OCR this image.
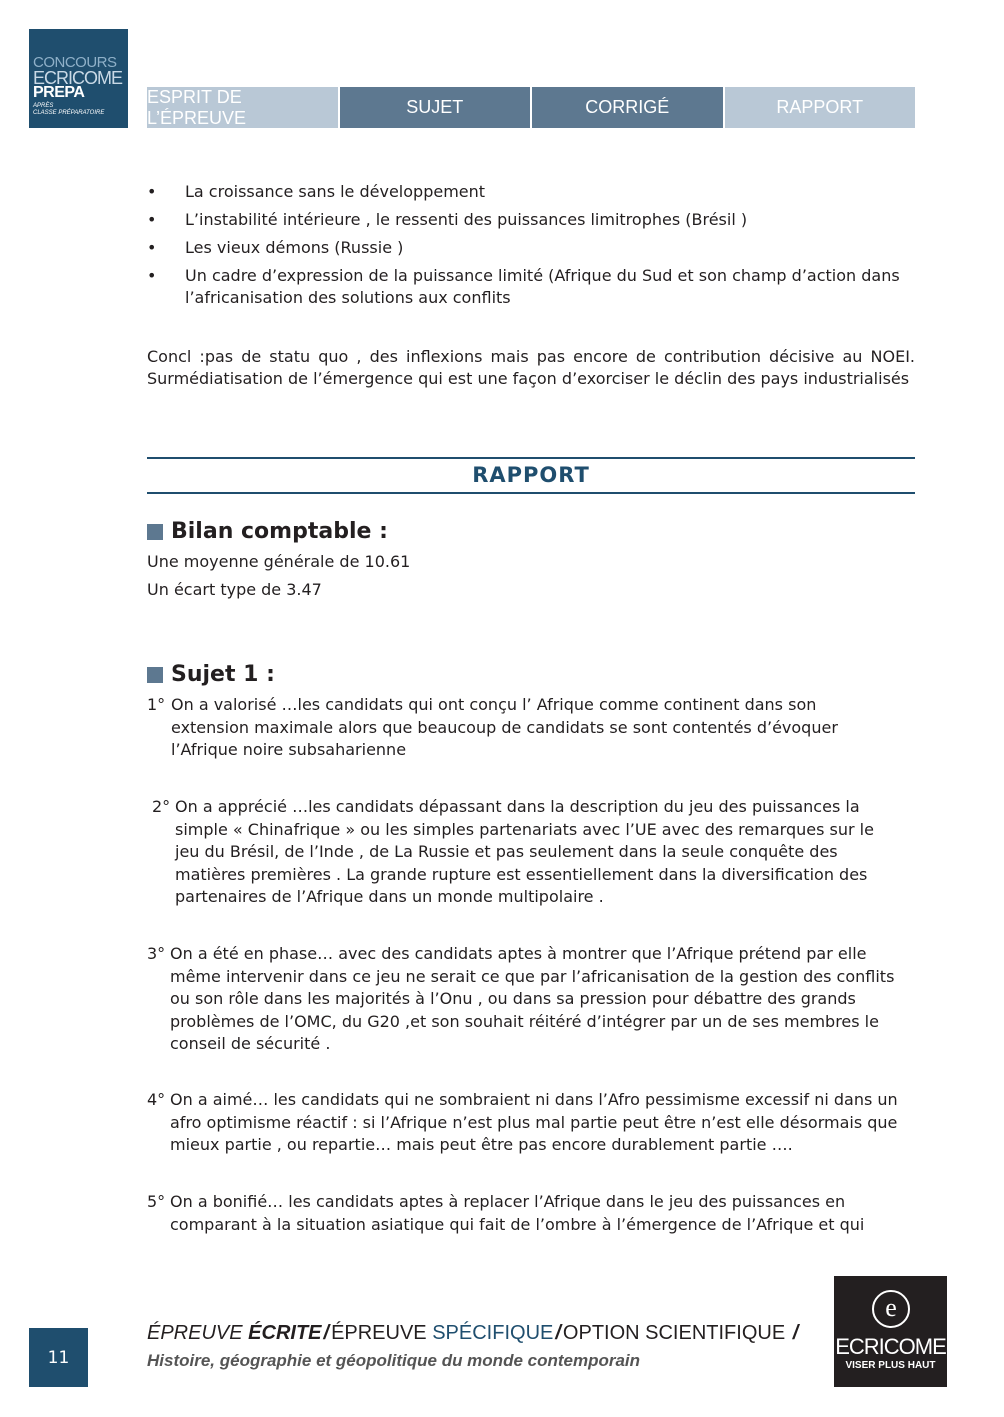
CONCOURS
ECRICOME
PREPA
APRÈS
CLASSE PRÉPARATOIRE
ESPRIT DE L’ÉPREUVE
SUJET	CORRIGÉ	RAPPORT
• La croissance sans le développement
• L’instabilité intérieure , le ressenti des puissances limitrophes (Brésil )
• Les vieux démons (Russie )
• Un cadre d’expression de la puissance limité (Afrique du Sud et son champ d’action dans l’africanisation des solutions aux conflits
Concl :pas de statu quo , des inflexions mais pas encore de contribution décisive au NOEI. Surmédiatisation de l’émergence qui est une façon d’exorciser le déclin des pays industrialisés
RAPPORT
Bilan comptable :
Une moyenne générale de 10.61
Un écart type de 3.47
Sujet 1 :
1° On a valorisé …les candidats qui ont conçu l’ Afrique comme continent dans son extension maximale alors que beaucoup de candidats se sont contentés d’évoquer l’Afrique noire subsaharienne
2° On a apprécié …les candidats dépassant dans la description du jeu des puissances la simple « Chinafrique » ou les simples partenariats avec l’UE avec des remarques sur le jeu du Brésil, de l’Inde , de La Russie et pas seulement dans la seule conquête des matières premières . La grande rupture est essentiellement dans la diversification des partenaires de l’Afrique dans un monde multipolaire .
3° On a été en phase… avec des candidats aptes à montrer que l’Afrique prétend par elle même intervenir dans ce jeu ne serait ce que par l’africanisation de la gestion des conflits ou son rôle dans les majorités à l’Onu , ou dans sa pression pour débattre des grands problèmes de l’OMC, du G20 ,et son souhait réitéré d’intégrer par un de ses membres le conseil de sécurité .
4° On a aimé… les candidats qui ne sombraient ni dans l’Afro pessimisme excessif ni dans un afro optimisme réactif : si l’Afrique n’est plus mal partie peut être n’est elle désormais que mieux partie , ou repartie… mais peut être pas encore durablement partie ….
5° On a bonifié… les candidats aptes à replacer l’Afrique dans le jeu des puissances en comparant à la situation asiatique qui fait de l’ombre à l’émergence de l’Afrique et qui
11
ÉPREUVE ÉCRITE / ÉPREUVE SPÉCIFIQUE / OPTION SCIENTIFIQUE /
Histoire, géographie et géopolitique du monde contemporain
e
ECRICOME
VISER PLUS HAUT
